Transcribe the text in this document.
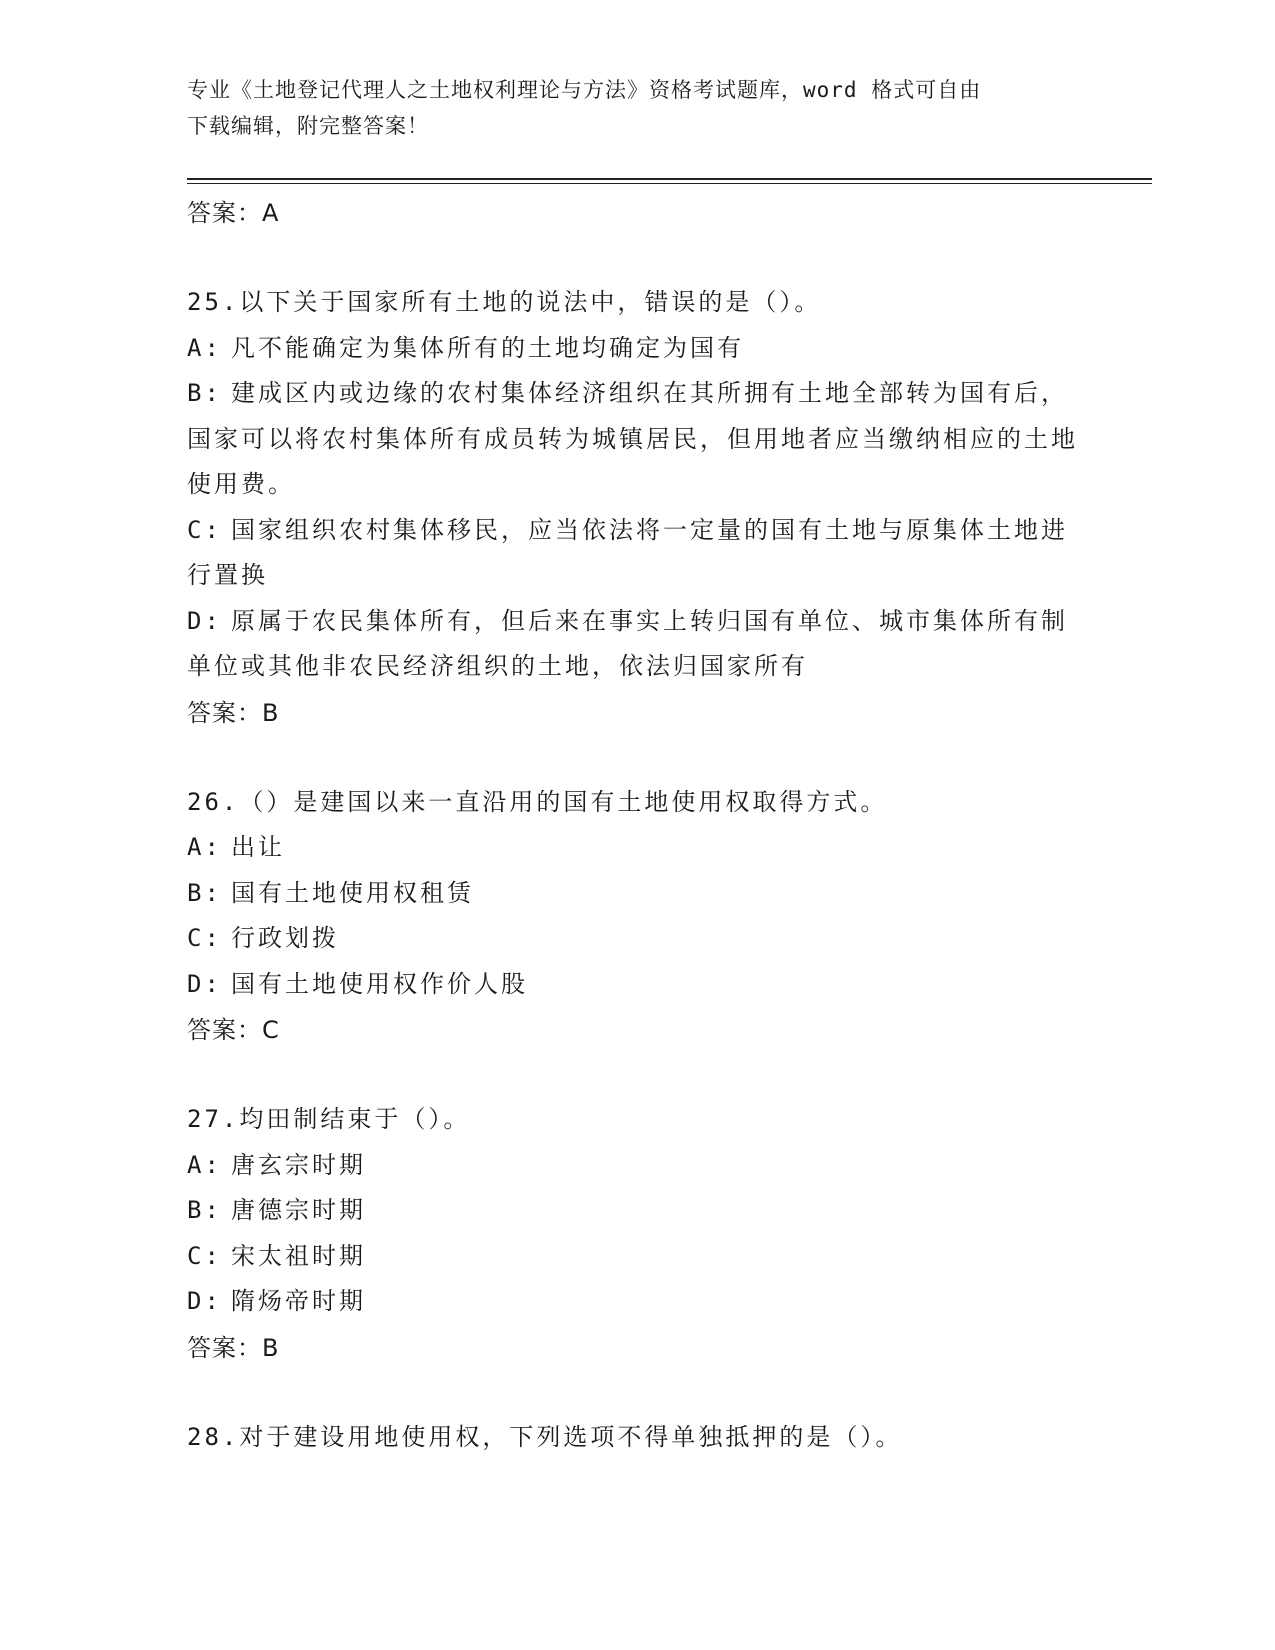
专业《土地登记代理人之土地权利理论与方法》资格考试题库，word 格式可自由
下载编辑，附完整答案！
答案：A
25.以下关于国家所有土地的说法中，错误的是（）。
A: 凡不能确定为集体所有的土地均确定为国有
B: 建成区内或边缘的农村集体经济组织在其所拥有土地全部转为国有后，国家可以将农村集体所有成员转为城镇居民，但用地者应当缴纳相应的土地使用费。
C: 国家组织农村集体移民，应当依法将一定量的国有土地与原集体土地进行置换
D: 原属于农民集体所有，但后来在事实上转归国有单位、城市集体所有制单位或其他非农民经济组织的土地，依法归国家所有
答案：B
26.（）是建国以来一直沿用的国有土地使用权取得方式。
A: 出让
B: 国有土地使用权租赁
C: 行政划拨
D: 国有土地使用权作价人股
答案：C
27.均田制结束于（）。
A: 唐玄宗时期
B: 唐德宗时期
C: 宋太祖时期
D: 隋炀帝时期
答案：B
28.对于建设用地使用权，下列选项不得单独抵押的是（）。
